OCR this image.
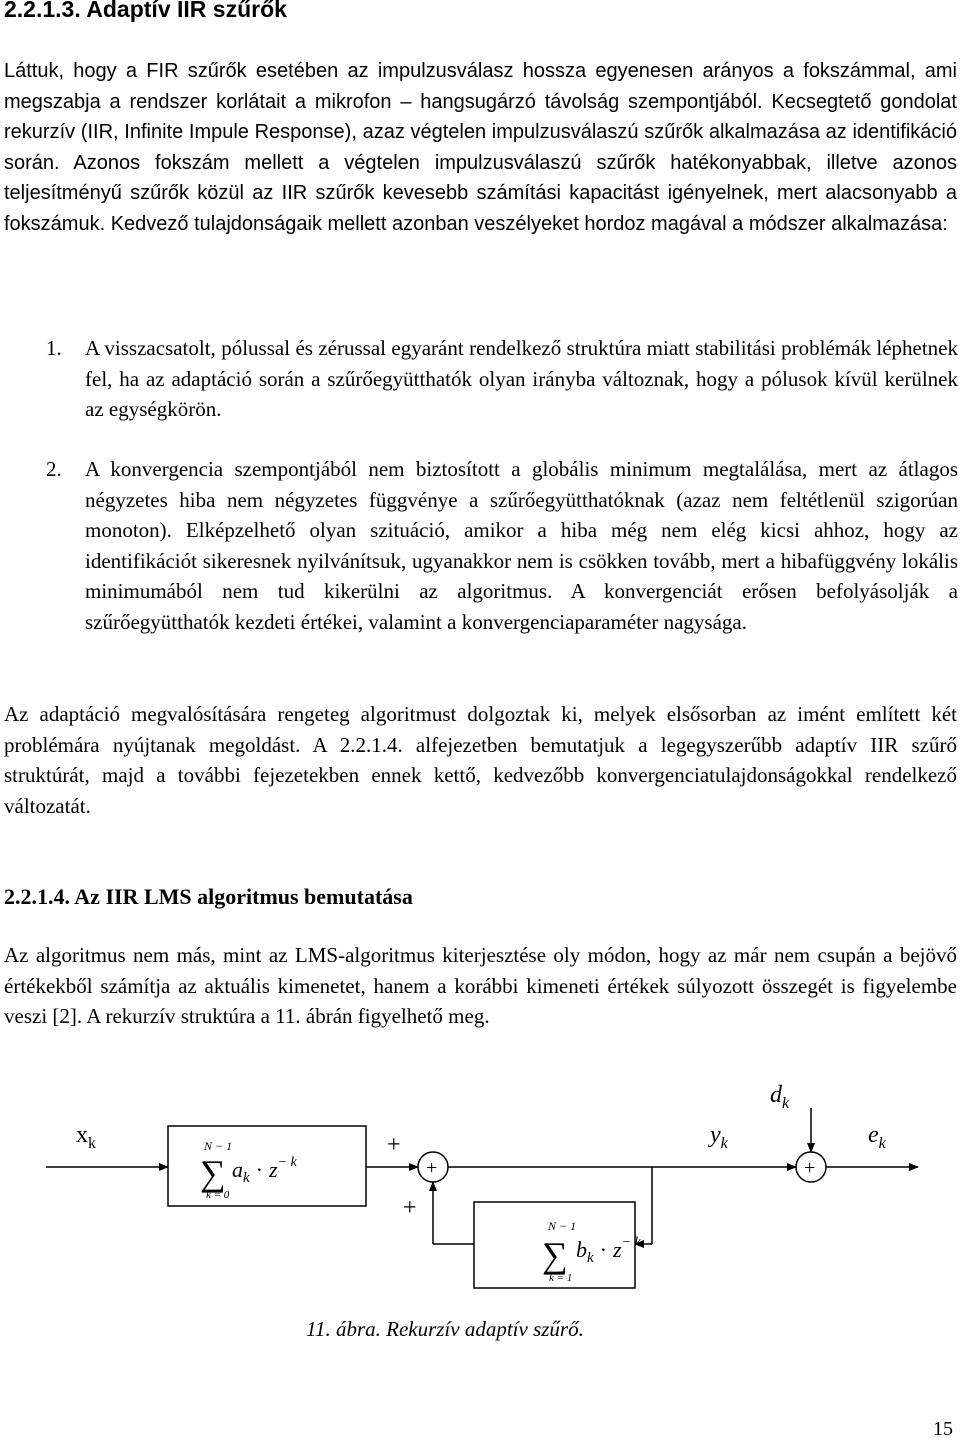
2.2.1.3. Adaptív IIR szűrők

Láttuk, hogy a FIR szűrők esetében az impulzusválasz hossza egyenesen arányos a fokszámmal, ami megszabja a rendszer korlátait a mikrofon – hangsugárzó távolság szempontjából. Kecsegtető gondolat rekurzív (IIR, Infinite Impule Response), azaz végtelen impulzusválaszú szűrők alkalmazása az identifikáció során. Azonos fokszám mellett a végtelen impulzusválaszú szűrők hatékonyabbak, illetve azonos teljesítményű szűrők közül az IIR szűrők kevesebb számítási kapacitást igényelnek, mert alacsonyabb a fokszámuk. Kedvező tulajdonságaik mellett azonban veszélyeket hordoz magával a módszer alkalmazása:

1. A visszacsatolt, pólussal és zérussal egyaránt rendelkező struktúra miatt stabilitási problémák léphetnek fel, ha az adaptáció során a szűrőegyütthatók olyan irányba változnak, hogy a pólusok kívül kerülnek az egységkörön.
2. A konvergencia szempontjából nem biztosított a globális minimum megtalálása, mert az átlagos négyzetes hiba nem négyzetes függvénye a szűrőegyütthatóknak (azaz nem feltétlenül szigorúan monoton). Elképzelhető olyan szituáció, amikor a hiba még nem elég kicsi ahhoz, hogy az identifikációt sikeresnek nyilvánítsuk, ugyanakkor nem is csökken tovább, mert a hibafüggvény lokális minimumából nem tud kikerülni az algoritmus. A konvergenciát erősen befolyásolják a szűrőegyütthatók kezdeti értékei, valamint a konvergenciaparaméter nagysága.

Az adaptáció megvalósítására rengeteg algoritmust dolgoztak ki, melyek elsősorban az imént említett két problémára nyújtanak megoldást. A 2.2.1.4. alfejezetben bemutatjuk a legegyszerűbb adaptív IIR szűrő struktúrát, majd a további fejezetekben ennek kettő, kedvezőbb konvergenciatulajdonságokkal rendelkező változatát.

2.2.1.4. Az IIR LMS algoritmus bemutatása

Az algoritmus nem más, mint az LMS-algoritmus kiterjesztése oly módon, hogy az már nem csupán a bejövő értékekből számítja az aktuális kimenetet, hanem a korábbi kimeneti értékek súlyozott összegét is figyelembe veszi [2]. A rekurzív struktúra a 11. ábrán figyelhető meg.

$x_k$	N − 1
∑
k = 0
$a_k \cdot z^{- k}$
+
+
$y_k$
+
$d_k$
$e_k$
N − 1
∑
k = 1
$b_k \cdot z^{- k}$
+
11. ábra. Rekurzív adaptív szűrő.
15
